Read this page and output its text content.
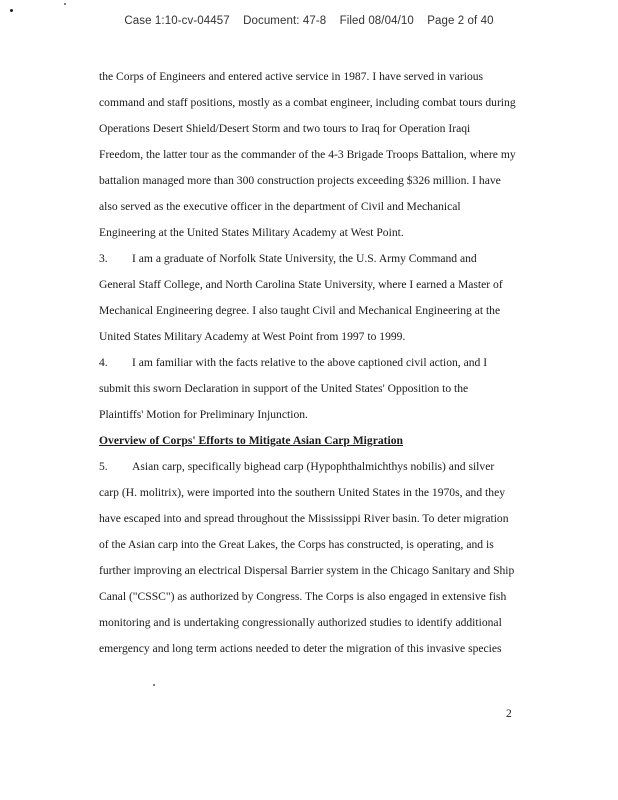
Case 1:10-cv-04457 Document: 47-8 Filed 08/04/10 Page 2 of 40
the Corps of Engineers and entered active service in 1987. I have served in various
command and staff positions, mostly as a combat engineer, including combat tours during
Operations Desert Shield/Desert Storm and two tours to Iraq for Operation Iraqi
Freedom, the latter tour as the commander of the 4-3 Brigade Troops Battalion, where my
battalion managed more than 300 construction projects exceeding $326 million. I have
also served as the executive officer in the department of Civil and Mechanical
Engineering at the United States Military Academy at West Point.
3. I am a graduate of Norfolk State University, the U.S. Army Command and
General Staff College, and North Carolina State University, where I earned a Master of
Mechanical Engineering degree. I also taught Civil and Mechanical Engineering at the
United States Military Academy at West Point from 1997 to 1999.
4. I am familiar with the facts relative to the above captioned civil action, and I
submit this sworn Declaration in support of the United States' Opposition to the
Plaintiffs' Motion for Preliminary Injunction.
Overview of Corps' Efforts to Mitigate Asian Carp Migration
5. Asian carp, specifically bighead carp (Hypophthalmichthys nobilis) and silver
carp (H. molitrix), were imported into the southern United States in the 1970s, and they
have escaped into and spread throughout the Mississippi River basin. To deter migration
of the Asian carp into the Great Lakes, the Corps has constructed, is operating, and is
further improving an electrical Dispersal Barrier system in the Chicago Sanitary and Ship
Canal ("CSSC") as authorized by Congress. The Corps is also engaged in extensive fish
monitoring and is undertaking congressionally authorized studies to identify additional
emergency and long term actions needed to deter the migration of this invasive species
2
